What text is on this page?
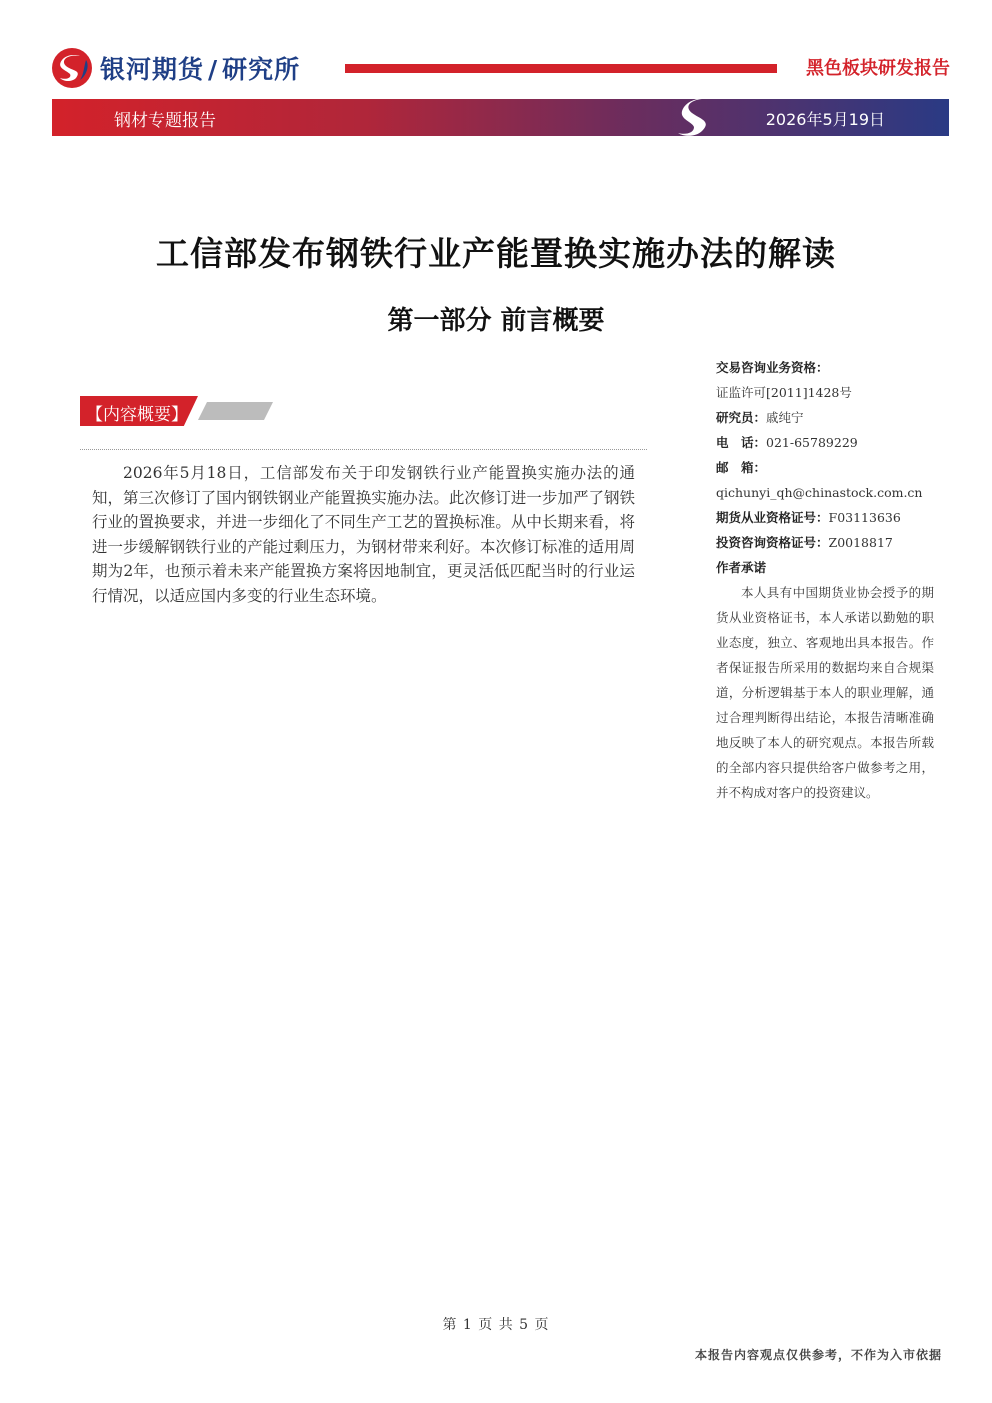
银河期货 / 研究所	黑色板块研发报告
钢材专题报告	2026年5月19日
工信部发布钢铁行业产能置换实施办法的解读
第一部分 前言概要
【内容概要】
2026年5月18日，工信部发布关于印发钢铁行业产能置换实施办法的通知，第三次修订了国内钢铁钢业产能置换实施办法。此次修订进一步加严了钢铁行业的置换要求，并进一步细化了不同生产工艺的置换标准。从中长期来看，将进一步缓解钢铁行业的产能过剩压力，为钢材带来利好。本次修订标准的适用周期为2年，也预示着未来产能置换方案将因地制宜，更灵活低匹配当时的行业运行情况，以适应国内多变的行业生态环境。
交易咨询业务资格：
证监许可[2011]1428号
研究员：戚纯宁
电　话：021-65789229
邮　箱：
qichunyi_qh@chinastock.com.cn
期货从业资格证号：F03113636
投资咨询资格证号：Z0018817
作者承诺
本人具有中国期货业协会授予的期货从业资格证书，本人承诺以勤勉的职业态度，独立、客观地出具本报告。作者保证报告所采用的数据均来自合规渠道，分析逻辑基于本人的职业理解，通过合理判断得出结论，本报告清晰准确地反映了本人的研究观点。本报告所载的全部内容只提供给客户做参考之用，并不构成对客户的投资建议。
第 1 页 共 5 页
本报告内容观点仅供参考，不作为入市依据
